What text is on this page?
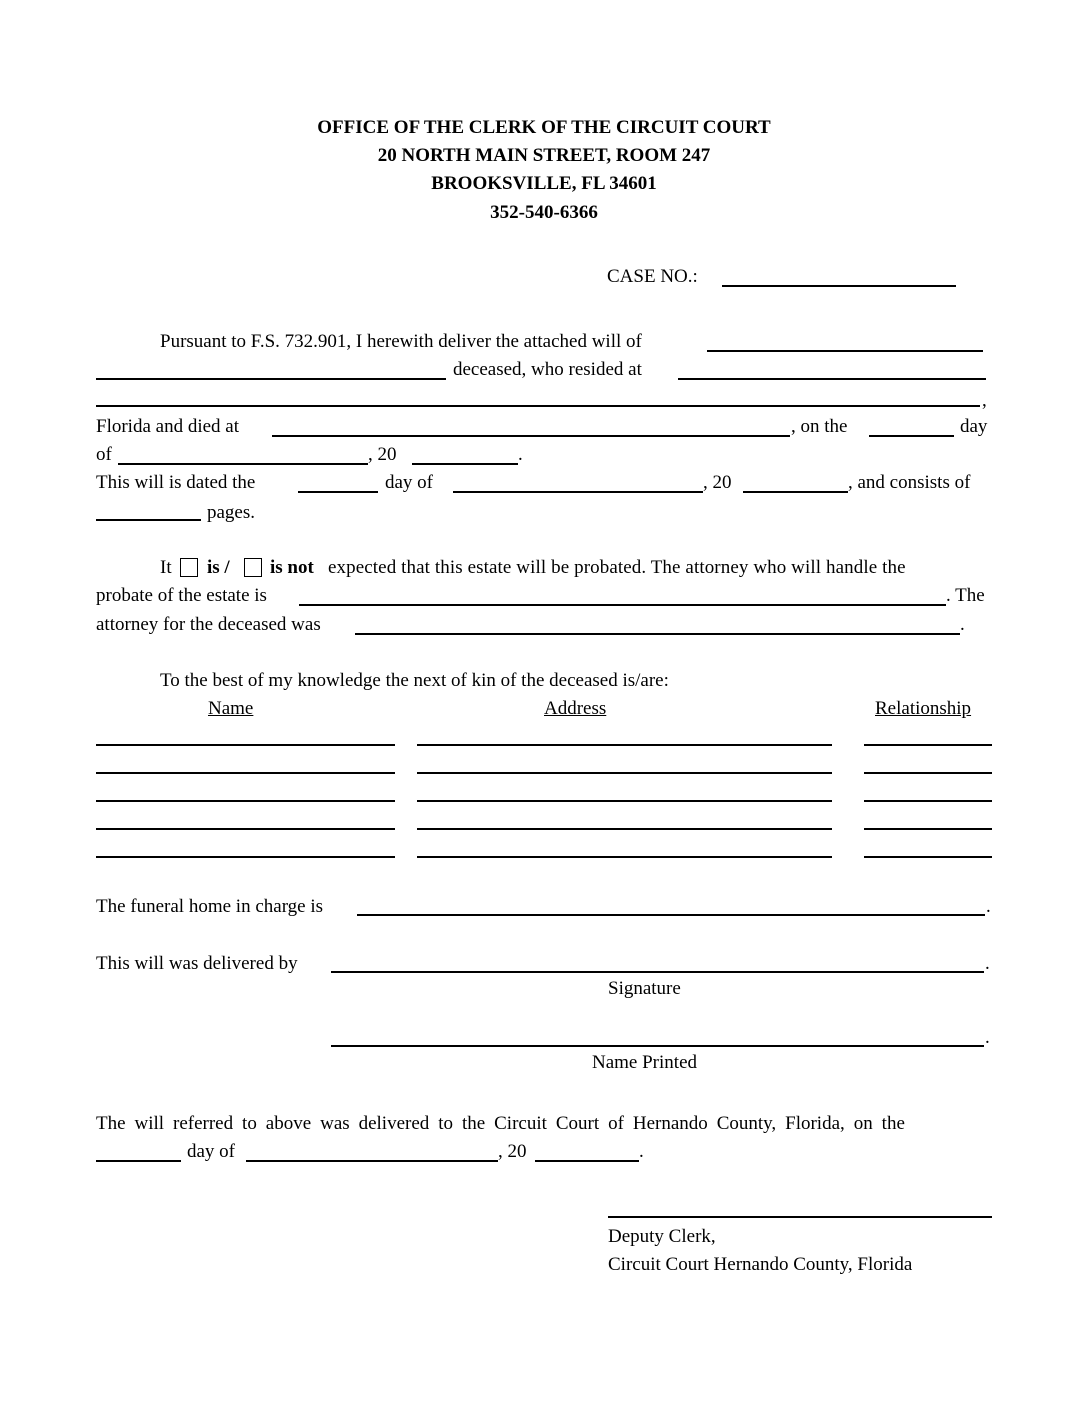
OFFICE OF THE CLERK OF THE CIRCUIT COURT
20 NORTH MAIN STREET, ROOM 247
BROOKSVILLE, FL 34601
352-540-6366
CASE NO.:
Pursuant to F.S. 732.901, I herewith deliver the attached will of
deceased, who resided at
,
Florida and died at	, on the	day
of	, 20	.
This will is dated the	day of	, 20	, and consists of
pages.
It is / is not expected that this estate will be probated. The attorney who will handle the
probate of the estate is	. The
attorney for the deceased was	.
To the best of my knowledge the next of kin of the deceased is/are:
Name	Address	Relationship
The funeral home in charge is	.
This will was delivered by	.
Signature
.
Name Printed
The will referred to above was delivered to the Circuit Court of Hernando County, Florida, on the
day of	, 20	.
Deputy Clerk,
Circuit Court Hernando County, Florida
